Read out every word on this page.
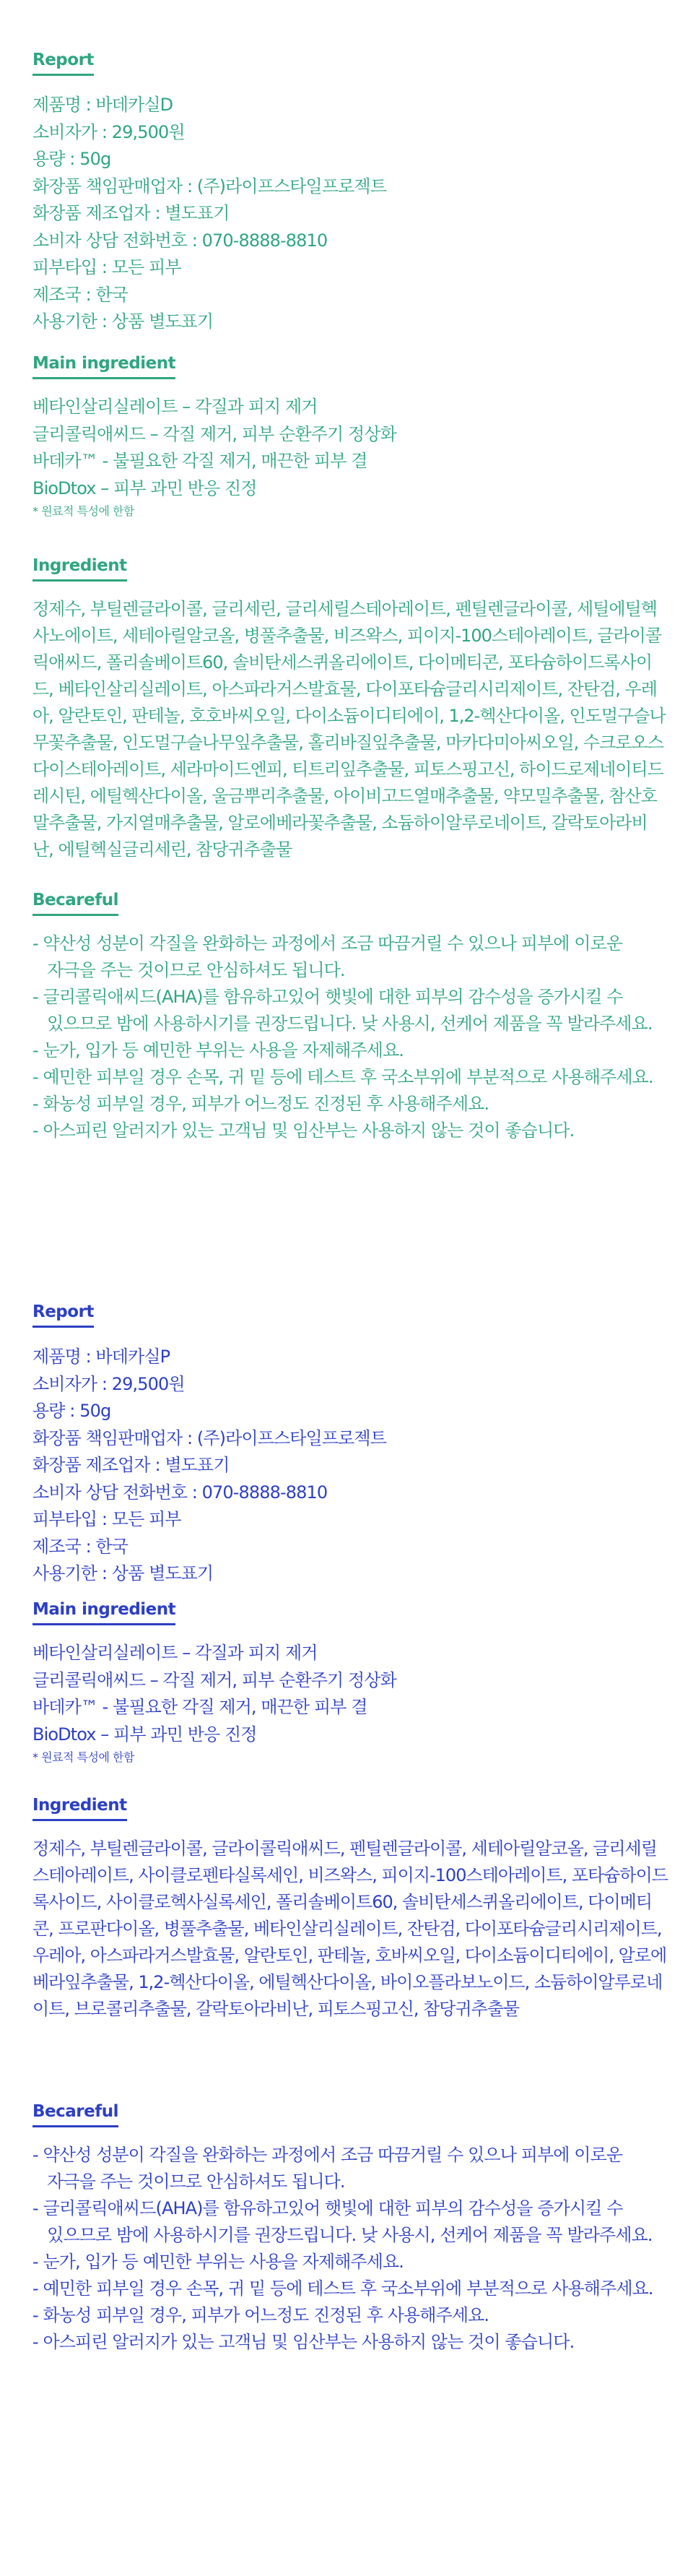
Report
제품명 : 바데카실D
소비자가 : 29,500원
용량 : 50g
화장품 책임판매업자 : (주)라이프스타일프로젝트
화장품 제조업자 : 별도표기
소비자 상담 전화번호 : 070-8888-8810
피부타입 : 모든 피부
제조국 : 한국
사용기한 : 상품 별도표기
Main ingredient
베타인살리실레이트 – 각질과 피지 제거
글리콜릭애씨드 – 각질 제거, 피부 순환주기 정상화
바데카™ - 불필요한 각질 제거, 매끈한 피부 결
BioDtox – 피부 과민 반응 진정

* 원료적 특성에 한함

Ingredient

정제수, 부틸렌글라이콜, 글리세린, 글리세릴스테아레이트, 펜틸렌글라이콜, 세틸에틸헥사노에이트, 세테아릴알코올, 병풀추출물, 비즈왁스, 피이지-100스테아레이트, 글라이콜릭애씨드, 폴리솔베이트60, 솔비탄세스퀴올리에이트, 다이메티콘, 포타슘하이드록사이드, 베타인살리실레이트, 아스파라거스발효물, 다이포타슘글리시리제이트, 잔탄검, 우레아, 알란토인, 판테놀, 호호바씨오일, 다이소듐이디티에이, 1,2-헥산다이올, 인도멀구슬나무꽃추출물, 인도멀구슬나무잎추출물, 홀리바질잎추출물, 마카다미아씨오일, 수크로오스다이스테아레이트, 세라마이드엔피, 티트리잎추출물, 피토스핑고신, 하이드로제네이티드레시틴, 에틸헥산다이올, 울금뿌리추출물, 아이비고드열매추출물, 약모밀추출물, 참산호말추출물, 가지열매추출물, 알로에베라꽃추출물, 소듐하이알루로네이트, 갈락토아라비난, 에틸헥실글리세린, 참당귀추출물

Becareful
- 약산성 성분이 각질을 완화하는 과정에서 조금 따끔거릴 수 있으나 피부에 이로운
자극을 주는 것이므로 안심하셔도 됩니다.
- 글리콜릭애씨드(AHA)를 함유하고있어 햇빛에 대한 피부의 감수성을 증가시킬 수
있으므로 밤에 사용하시기를 권장드립니다. 낮 사용시, 선케어 제품을 꼭 발라주세요.
- 눈가, 입가 등 예민한 부위는 사용을 자제해주세요.
- 예민한 피부일 경우 손목, 귀 밑 등에 테스트 후 국소부위에 부분적으로 사용해주세요.
- 화농성 피부일 경우, 피부가 어느정도 진정된 후 사용해주세요.
- 아스피린 알러지가 있는 고객님 및 임산부는 사용하지 않는 것이 좋습니다.
Report
제품명 : 바데카실P
소비자가 : 29,500원
용량 : 50g
화장품 책임판매업자 : (주)라이프스타일프로젝트
화장품 제조업자 : 별도표기
소비자 상담 전화번호 : 070-8888-8810
피부타입 : 모든 피부
제조국 : 한국
사용기한 : 상품 별도표기
Main ingredient
베타인살리실레이트 – 각질과 피지 제거
글리콜릭애씨드 – 각질 제거, 피부 순환주기 정상화
바데카™ - 불필요한 각질 제거, 매끈한 피부 결
BioDtox – 피부 과민 반응 진정

* 원료적 특성에 한함

Ingredient

정제수, 부틸렌글라이콜, 글라이콜릭애씨드, 펜틸렌글라이콜, 세테아릴알코올, 글리세릴스테아레이트, 사이클로펜타실록세인, 비즈왁스, 피이지-100스테아레이트, 포타슘하이드록사이드, 사이클로헥사실록세인, 폴리솔베이트60, 솔비탄세스퀴올리에이트, 다이메티콘, 프로판다이올, 병풀추출물, 베타인살리실레이트, 잔탄검, 다이포타슘글리시리제이트, 우레아, 아스파라거스발효물, 알란토인, 판테놀, 호바씨오일, 다이소듐이디티에이, 알로에베라잎추출물, 1,2-헥산다이올, 에틸헥산다이올, 바이오플라보노이드, 소듐하이알루로네이트, 브로콜리추출물, 갈락토아라비난, 피토스핑고신, 참당귀추출물

Becareful
- 약산성 성분이 각질을 완화하는 과정에서 조금 따끔거릴 수 있으나 피부에 이로운
자극을 주는 것이므로 안심하셔도 됩니다.
- 글리콜릭애씨드(AHA)를 함유하고있어 햇빛에 대한 피부의 감수성을 증가시킬 수
있으므로 밤에 사용하시기를 권장드립니다. 낮 사용시, 선케어 제품을 꼭 발라주세요.
- 눈가, 입가 등 예민한 부위는 사용을 자제해주세요.
- 예민한 피부일 경우 손목, 귀 밑 등에 테스트 후 국소부위에 부분적으로 사용해주세요.
- 화농성 피부일 경우, 피부가 어느정도 진정된 후 사용해주세요.
- 아스피린 알러지가 있는 고객님 및 임산부는 사용하지 않는 것이 좋습니다.
